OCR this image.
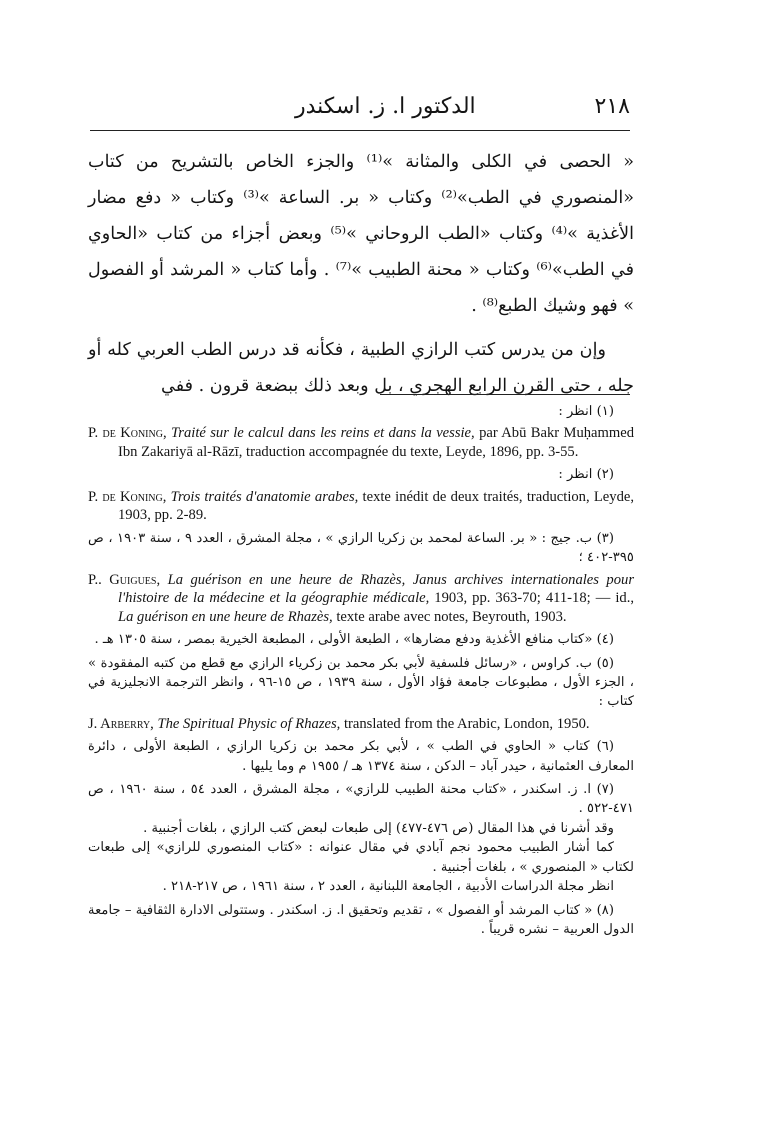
الدكتور ا. ز. اسكندر	٢١٨

« الحصى في الكلى والمثانة »⁽¹⁾ والجزء الخاص بالتشريح من كتاب «المنصوري في الطب»⁽²⁾ وكتاب « بر. الساعة »⁽³⁾ وكتاب « دفع مضار الأغذية »⁽⁴⁾ وكتاب «الطب الروحاني »⁽⁵⁾ وبعض أجزاء من كتاب «الحاوي في الطب»⁽⁶⁾ وكتاب « محنة الطبيب »⁽⁷⁾ . وأما كتاب « المرشد أو الفصول » فهو وشيك الطبع⁽⁸⁾ .

وإن من يدرس كتب الرازي الطبية ، فكأنه قد درس الطب العربي كله أو جله ، حتى القرن الرابع الهجري ، بل وبعد ذلك ببضعة قرون . ففي

(١) انظر :

P. de Koning, Traité sur le calcul dans les reins et dans la vessie, par Abū Bakr Muḥammed Ibn Zakariyā al-Rāzī, traduction accompagnée du texte, Leyde, 1896, pp. 3-55.

(٢) انظر :

P. de Koning, Trois traités d'anatomie arabes, texte inédit de deux traités, traduction, Leyde, 1903, pp. 2-89.

(٣) ب. جيج : « بر. الساعة لمحمد بن زكريا الرازي » ، مجلة المشرق ، العدد ٩ ، سنة ١٩٠٣ ، ص ٣٩٥-٤٠٢ ؛

P.. Guigues, La guérison en une heure de Rhazès, Janus archives internationales pour l'histoire de la médecine et la géographie médicale, 1903, pp. 363-70; 411-18; — id., La guérison en une heure de Rhazès, texte arabe avec notes, Beyrouth, 1903.

(٤) «كتاب منافع الأغذية ودفع مضارها» ، الطبعة الأولى ، المطبعة الخيرية بمصر ، سنة ١٣٠٥ هـ .

(٥) ب. كراوس ، «رسائل فلسفية لأبي بكر محمد بن زكرياء الرازي مع قطع من كتبه المفقودة » ، الجزء الأول ، مطبوعات جامعة فؤاد الأول ، سنة ١٩٣٩ ، ص ١٥-٩٦ ، وانظر الترجمة الانجليزية في كتاب :

J. Arberry, The Spiritual Physic of Rhazes, translated from the Arabic, London, 1950.

(٦) كتاب « الحاوي في الطب » ، لأبي بكر محمد بن زكريا الرازي ، الطبعة الأولى ، دائرة المعارف العثمانية ، حيدر آباد – الدكن ، سنة ١٣٧٤ هـ / ١٩٥٥ م وما يليها .

(٧) ا. ز. اسكندر ، «كتاب محنة الطبيب للرازي» ، مجلة المشرق ، العدد ٥٤ ، سنة ١٩٦٠ ، ص ٤٧١-٥٢٢ .

وقد أشرنا في هذا المقال (ص ٤٧٦-٤٧٧) إلى طبعات لبعض كتب الرازي ، بلغات أجنبية .

كما أشار الطبيب محمود نجم آبادي في مقال عنوانه : «كتاب المنصوري للرازي» إلى طبعات لكتاب « المنصوري » ، بلغات أجنبية .

انظر مجلة الدراسات الأدبية ، الجامعة اللبنانية ، العدد ٢ ، سنة ١٩٦١ ، ص ٢١٧-٢١٨ .

(٨) « كتاب المرشد أو الفصول » ، تقديم وتحقيق ا. ز. اسكندر . وستتولى الادارة الثقافية – جامعة الدول العربية – نشره قريباً .
